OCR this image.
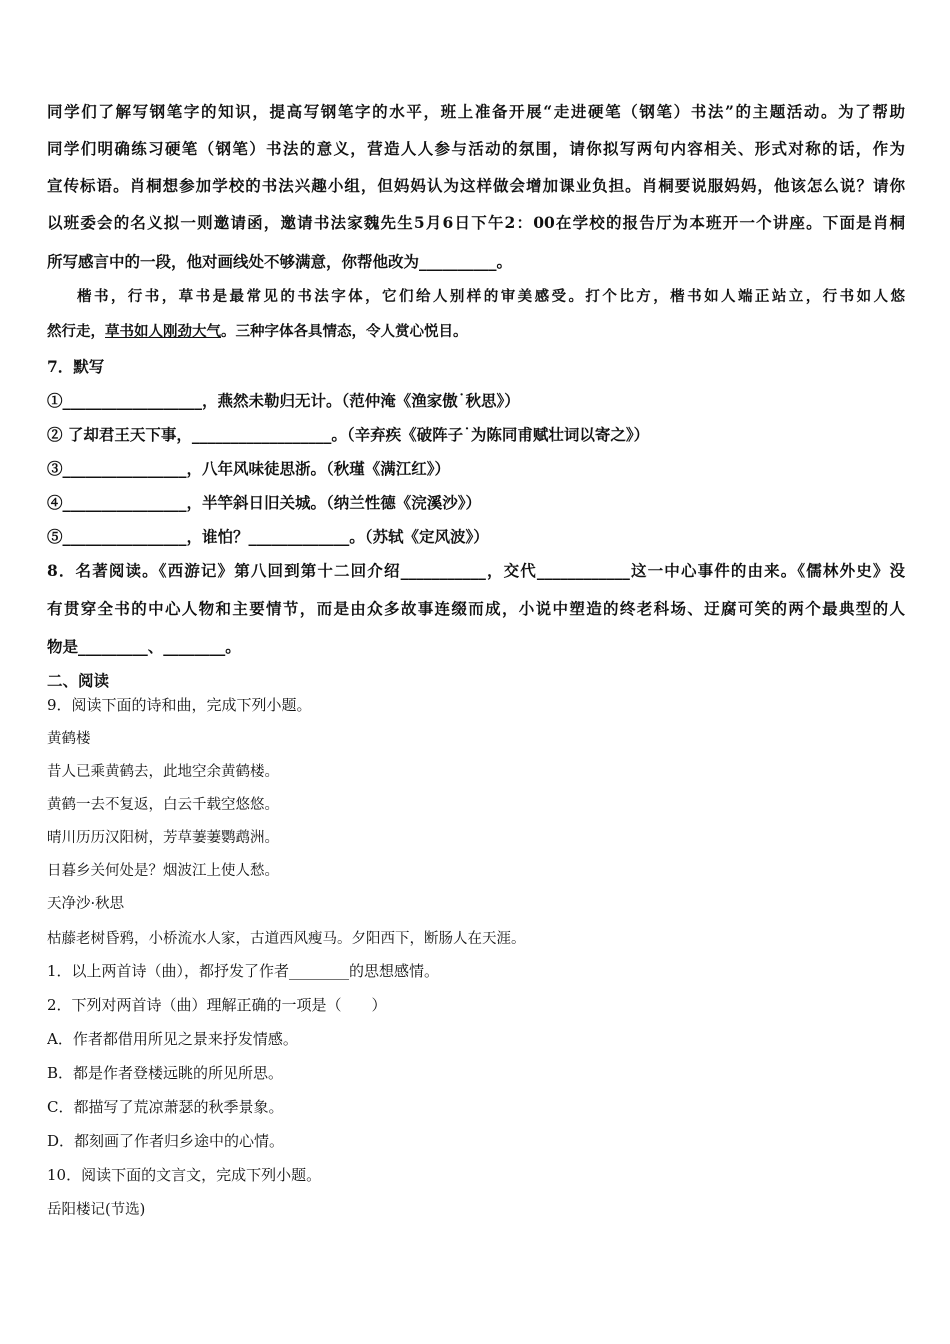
同学们了解写钢笔字的知识，提高写钢笔字的水平，班上准备开展“走进硬笔（钢笔）书法”的主题活动。为了帮助
同学们明确练习硬笔（钢笔）书法的意义，营造人人参与活动的氛围，请你拟写两句内容相关、形式对称的话，作为
宣传标语。肖桐想参加学校的书法兴趣小组，但妈妈认为这样做会增加课业负担。肖桐要说服妈妈，他该怎么说？请你
以班委会的名义拟一则邀请函，邀请书法家魏先生5月6日下午2：00在学校的报告厅为本班开一个讲座。下面是肖桐
所写感言中的一段，他对画线处不够满意，你帮他改为__________。
楷书，行书，草书是最常见的书法字体，它们给人别样的审美感受。打个比方，楷书如人端正站立，行书如人悠
然行走，草书如人刚劲大气。三种字体各具情态，令人赏心悦目。
7．默写
①__________________，燕然未勒归无计。（范仲淹《渔家傲˙秋思》）
② 了却君王天下事，__________________。（辛弃疾《破阵子˙为陈同甫赋壮词以寄之》）
③________________，八年风味徒思浙。（秋瑾《满江红》）
④________________，半竿斜日旧关城。（纳兰性德《浣溪沙》）
⑤________________，谁怕？_____________。（苏轼《定风波》）
8．名著阅读。《西游记》第八回到第十二回介绍___________，交代____________这一中心事件的由来。《儒林外史》没
有贯穿全书的中心人物和主要情节，而是由众多故事连缀而成，小说中塑造的终老科场、迂腐可笑的两个最典型的人
物是_________、________。
二、阅读
9．阅读下面的诗和曲，完成下列小题。
黄鹤楼
昔人已乘黄鹤去，此地空余黄鹤楼。
黄鹤一去不复返，白云千载空悠悠。
晴川历历汉阳树，芳草萋萋鹦鹉洲。
日暮乡关何处是？烟波江上使人愁。
天净沙·秋思
枯藤老树昏鸦，小桥流水人家，古道西风瘦马。夕阳西下，断肠人在天涯。
1．以上两首诗（曲），都抒发了作者________的思想感情。
2．下列对两首诗（曲）理解正确的一项是（　　）
A．作者都借用所见之景来抒发情感。
B．都是作者登楼远眺的所见所思。
C．都描写了荒凉萧瑟的秋季景象。
D．都刻画了作者归乡途中的心情。
10．阅读下面的文言文，完成下列小题。
岳阳楼记(节选)
